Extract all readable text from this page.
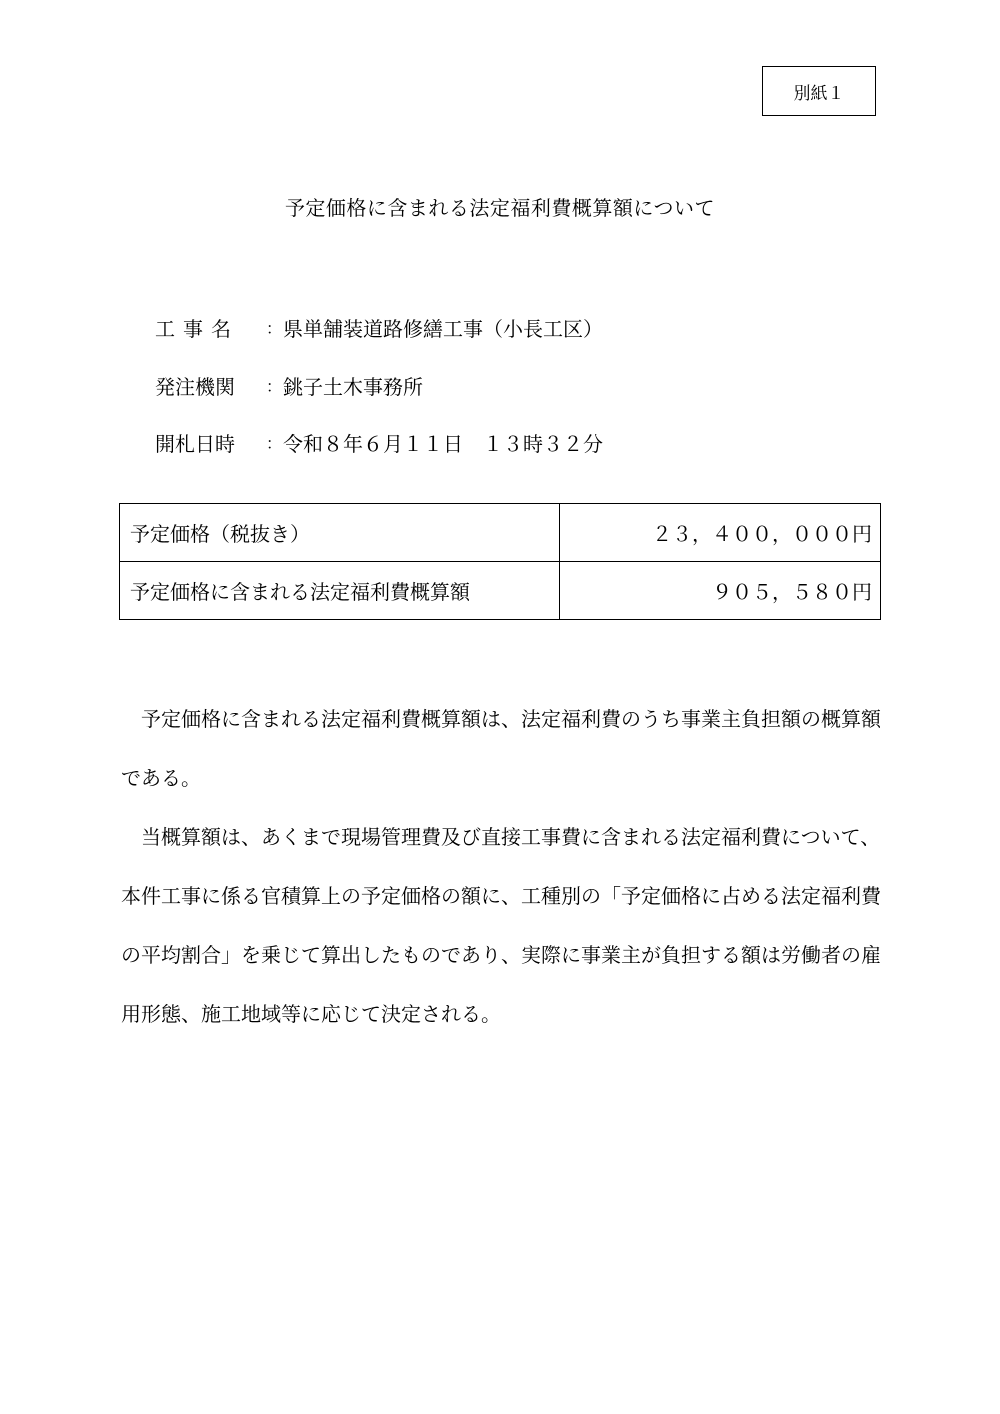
別紙１
予定価格に含まれる法定福利費概算額について
工事名	： 県単舗装道路修繕工事（小長工区）
発注機関	： 銚子土木事務所
開札日時	： 令和８年６月１１日　１３時３２分
予定価格（税抜き）	２３，４００，０００円
予定価格に含まれる法定福利費概算額	９０５，５８０円

予定価格に含まれる法定福利費概算額は、法定福利費のうち事業主負担額の概算額である。

当概算額は、あくまで現場管理費及び直接工事費に含まれる法定福利費について、本件工事に係る官積算上の予定価格の額に、工種別の「予定価格に占める法定福利費の平均割合」を乗じて算出したものであり、実際に事業主が負担する額は労働者の雇用形態、施工地域等に応じて決定される。
